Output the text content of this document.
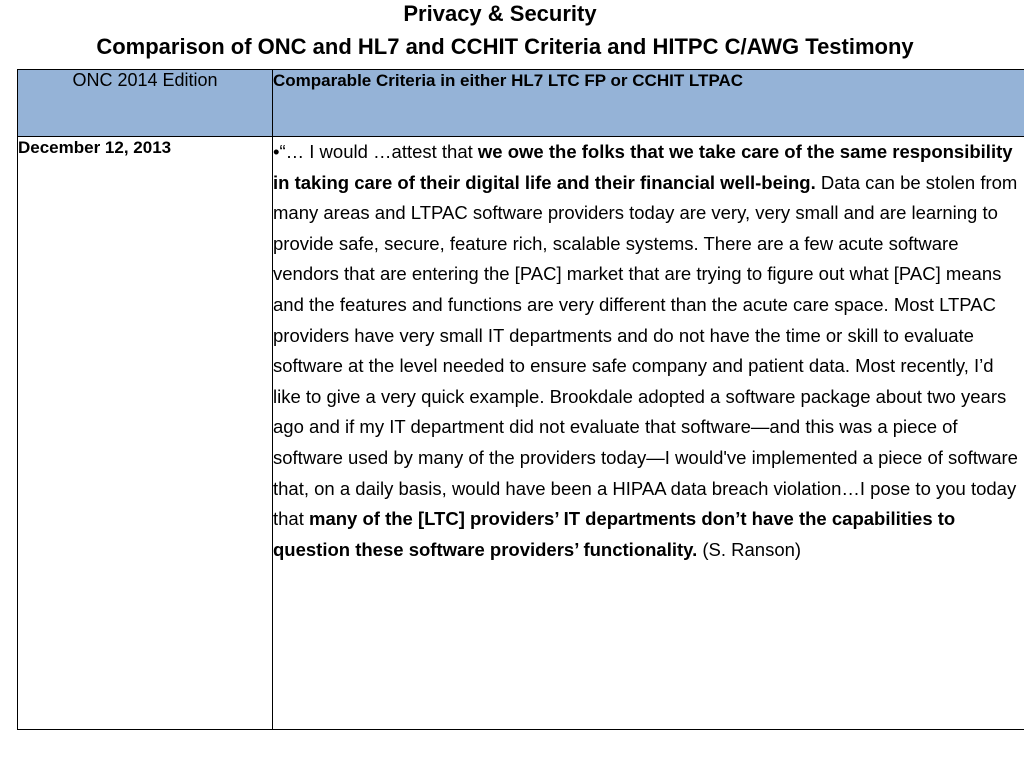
Privacy & Security
Comparison of ONC and HL7 and CCHIT Criteria and HITPC C/AWG Testimony
ONC 2014 Edition	Comparable Criteria in either HL7 LTC FP or CCHIT LTPAC
December 12, 2013	•“… I would …attest that we owe the folks that we take care of the same responsibility in taking care of their digital life and their financial well-being. Data can be stolen from many areas and LTPAC software providers today are very, very small and are learning to provide safe, secure, feature rich, scalable systems. There are a few acute software vendors that are entering the [PAC] market that are trying to figure out what [PAC] means and the features and functions are very different than the acute care space. Most LTPAC providers have very small IT departments and do not have the time or skill to evaluate software at the level needed to ensure safe company and patient data. Most recently, I’d like to give a very quick example. Brookdale adopted a software package about two years ago and if my IT department did not evaluate that software—and this was a piece of software used by many of the providers today—I would've implemented a piece of software that, on a daily basis, would have been a HIPAA data breach violation…I pose to you today that many of the [LTC] providers’ IT departments don’t have the capabilities to question these software providers’ functionality. (S. Ranson)
